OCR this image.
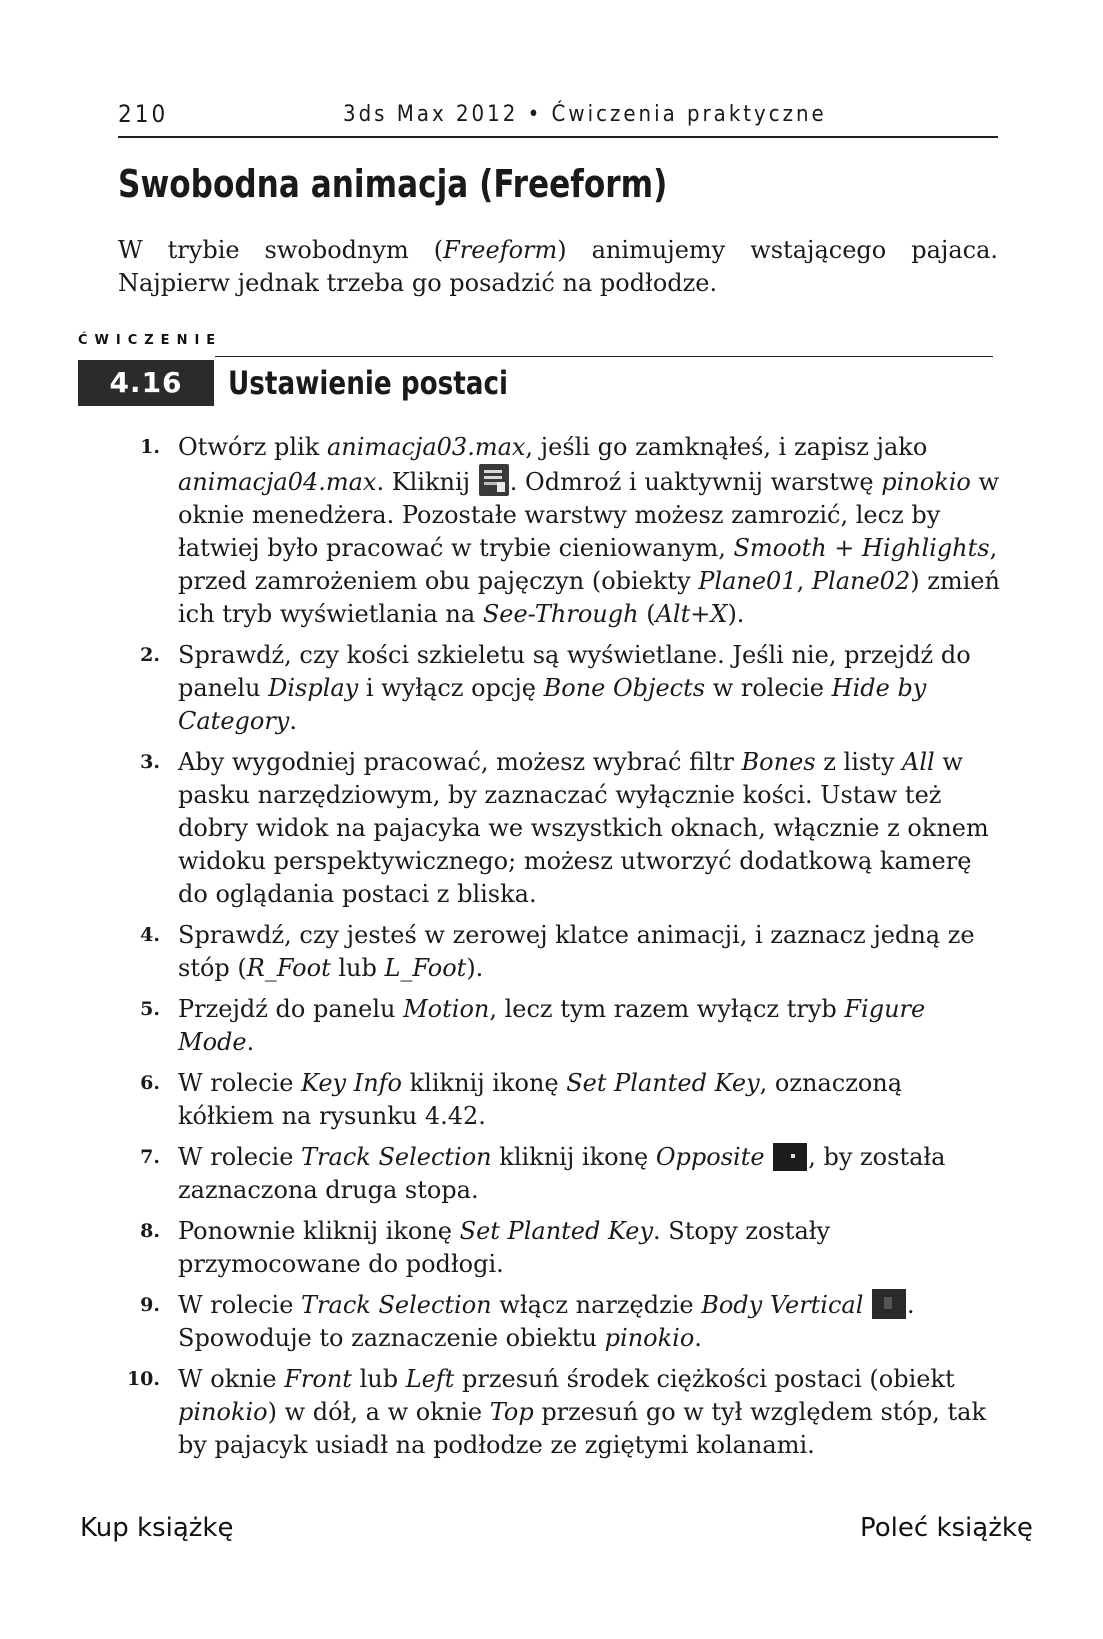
210	3ds Max 2012 • Ćwiczenia praktyczne
Swobodna animacja (Freeform)

W trybie swobodnym (Freeform) animujemy wstającego pajaca. Najpierw jednak trzeba go posadzić na podłodze.

ĆWICZENIE
4.16	Ustawienie postaci
1. Otwórz plik animacja03.max, jeśli go zamknąłeś, i zapisz jako animacja04.max. Kliknij . Odmroź i uaktywnij warstwę pinokio w oknie menedżera. Pozostałe warstwy możesz zamrozić, lecz by łatwiej było pracować w trybie cieniowanym, Smooth + Highlights, przed zamrożeniem obu pajęczyn (obiekty Plane01, Plane02) zmień ich tryb wyświetlania na See-Through (Alt+X).
2. Sprawdź, czy kości szkieletu są wyświetlane. Jeśli nie, przejdź do panelu Display i wyłącz opcję Bone Objects w rolecie Hide by Category.
3. Aby wygodniej pracować, możesz wybrać filtr Bones z listy All w pasku narzędziowym, by zaznaczać wyłącznie kości. Ustaw też dobry widok na pajacyka we wszystkich oknach, włącznie z oknem widoku perspektywicznego; możesz utworzyć dodatkową kamerę do oglądania postaci z bliska.
4. Sprawdź, czy jesteś w zerowej klatce animacji, i zaznacz jedną ze stóp (R_Foot lub L_Foot).
5. Przejdź do panelu Motion, lecz tym razem wyłącz tryb Figure Mode.
6. W rolecie Key Info kliknij ikonę Set Planted Key, oznaczoną kółkiem na rysunku 4.42.
7. W rolecie Track Selection kliknij ikonę Opposite , by została zaznaczona druga stopa.
8. Ponownie kliknij ikonę Set Planted Key. Stopy zostały przymocowane do podłogi.
9. W rolecie Track Selection włącz narzędzie Body Vertical . Spowoduje to zaznaczenie obiektu pinokio.
10. W oknie Front lub Left przesuń środek ciężkości postaci (obiekt pinokio) w dół, a w oknie Top przesuń go w tył względem stóp, tak by pajacyk usiadł na podłodze ze zgiętymi kolanami.
Kup książkę	Poleć książkę
